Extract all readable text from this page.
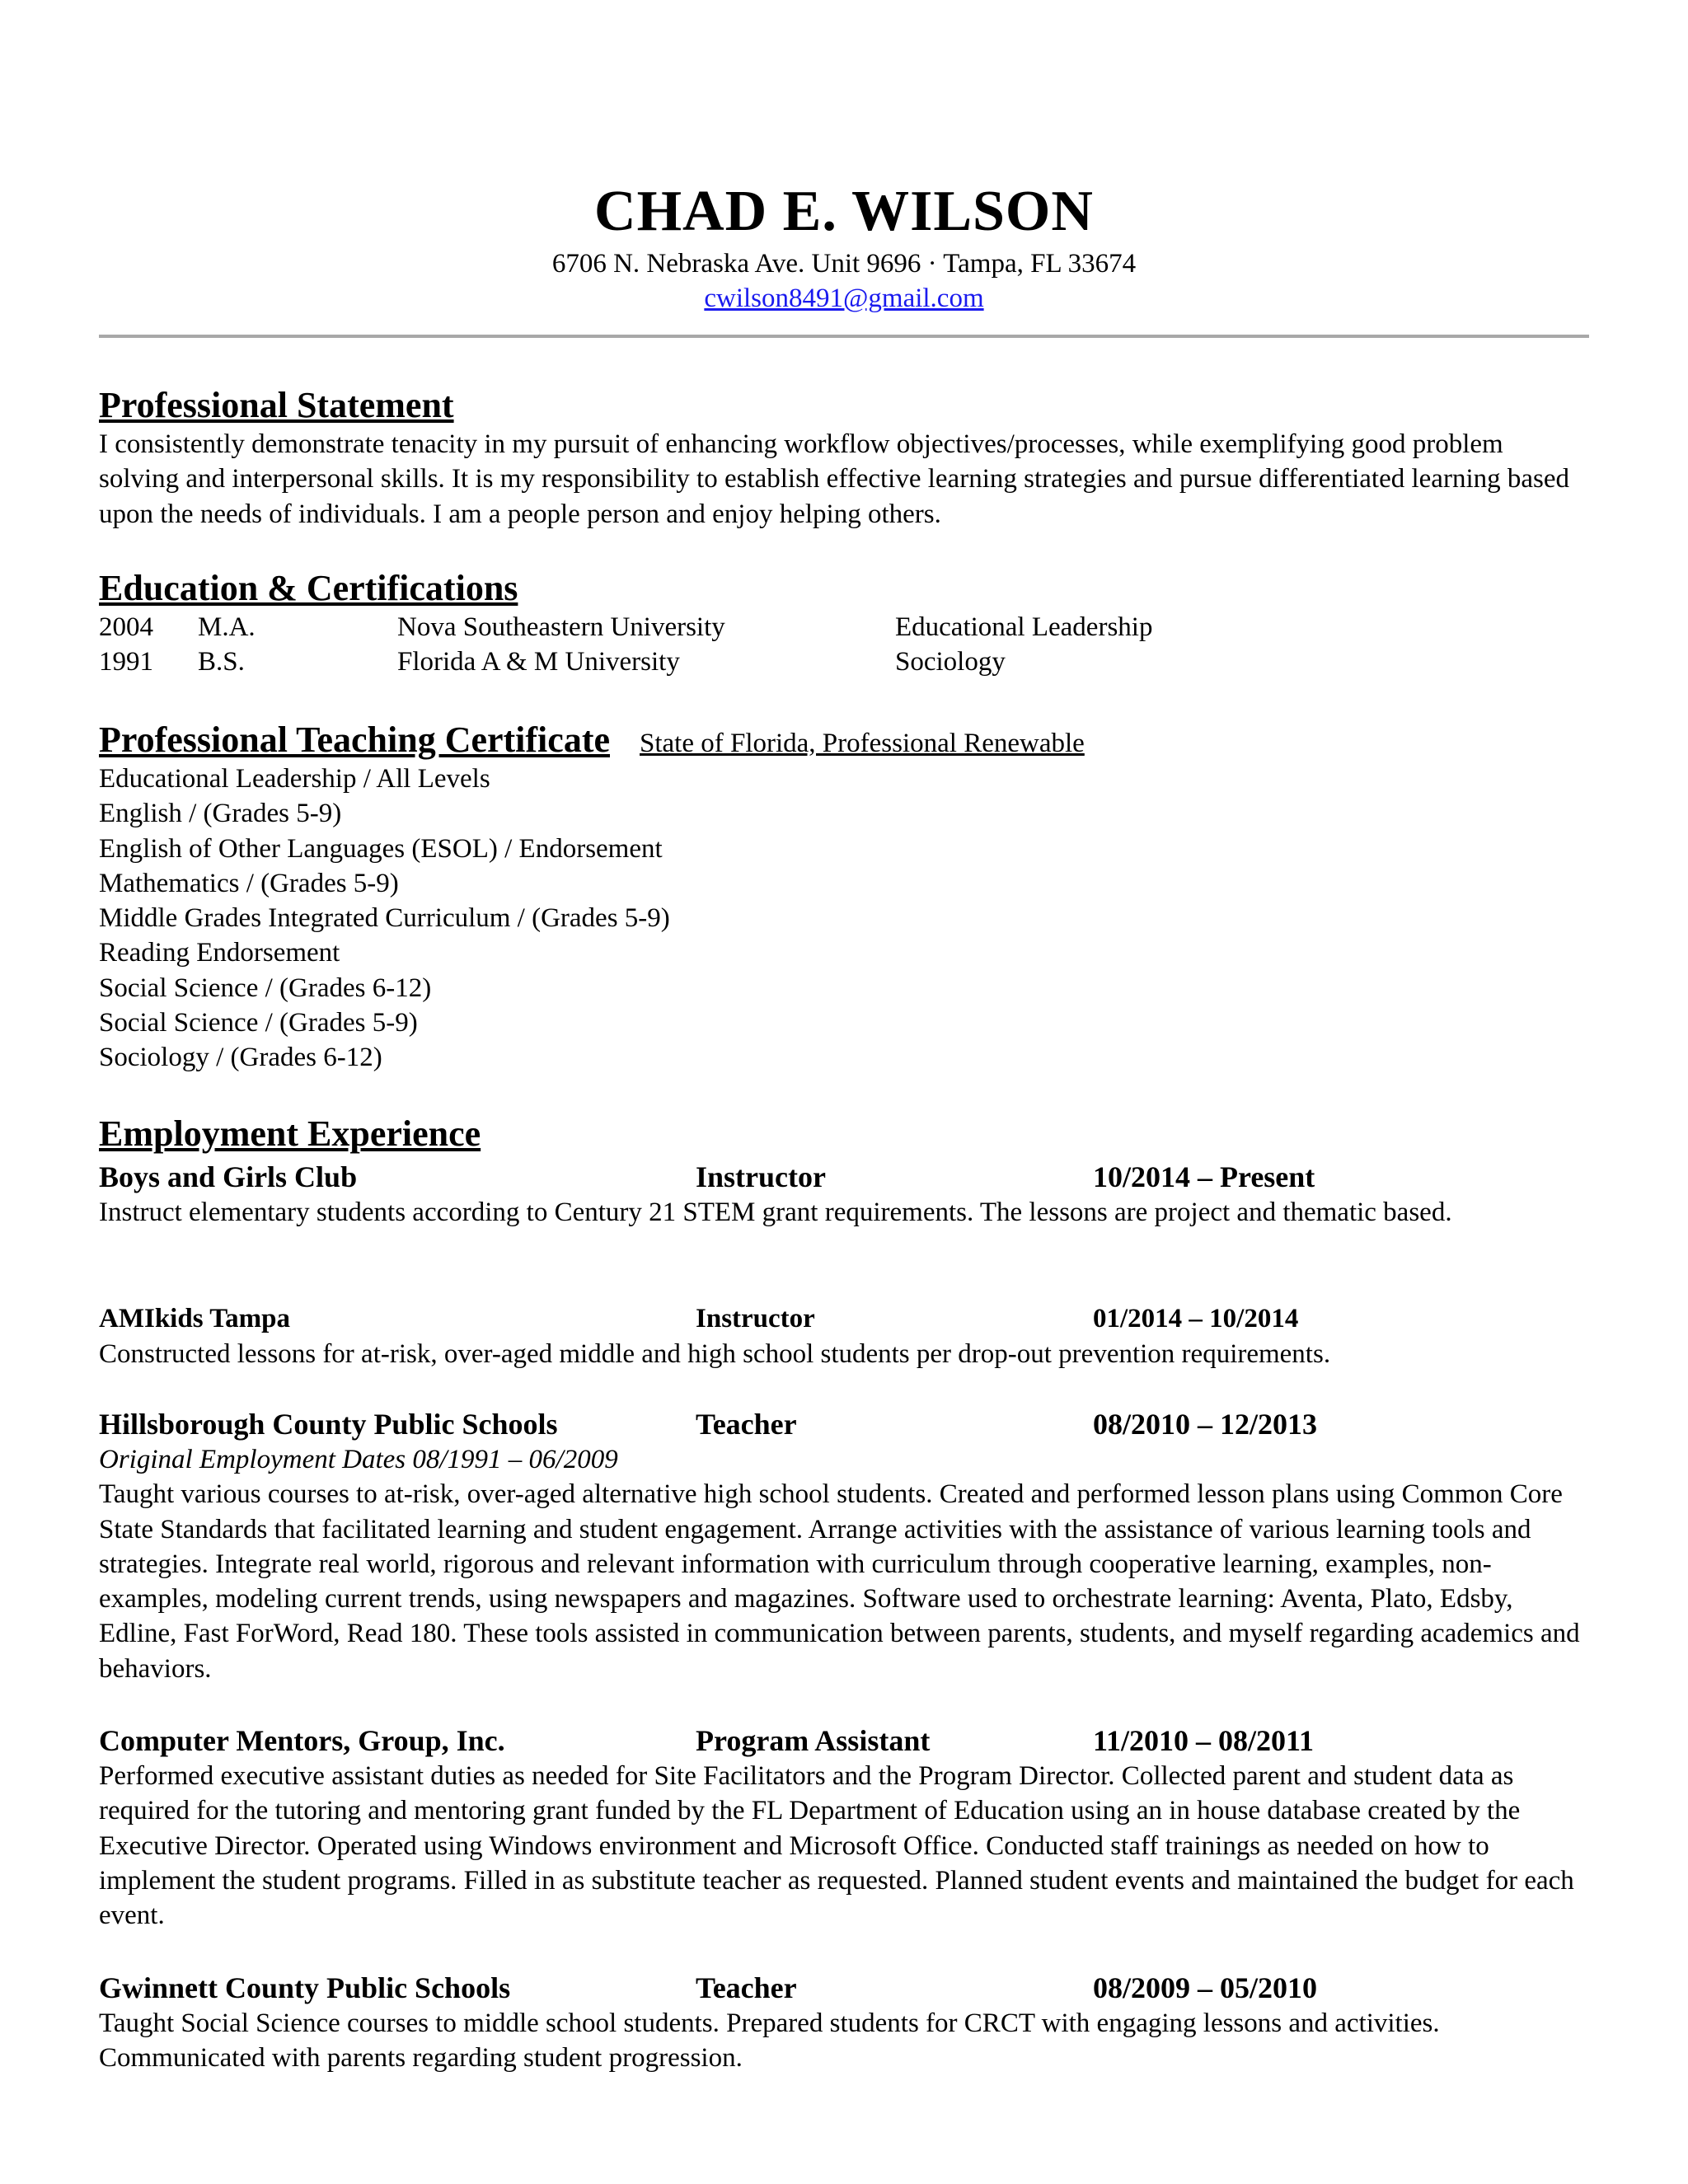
CHAD E. WILSON
6706 N. Nebraska Ave. Unit 9696 · Tampa, FL 33674
cwilson8491@gmail.com
Professional Statement

I consistently demonstrate tenacity in my pursuit of enhancing workflow objectives/processes, while exemplifying good problem solving and interpersonal skills. It is my responsibility to establish effective learning strategies and pursue differentiated learning based upon the needs of individuals. I am a people person and enjoy helping others.

Education & Certifications
2004	M.A.	Nova Southeastern University	Educational Leadership
1991	B.S.	Florida A & M University	Sociology
Professional Teaching Certificate State of Florida, Professional Renewable
Educational Leadership / All Levels
English / (Grades 5-9)
English of Other Languages (ESOL) / Endorsement
Mathematics / (Grades 5-9)
Middle Grades Integrated Curriculum / (Grades 5-9)
Reading Endorsement
Social Science / (Grades 6-12)
Social Science / (Grades 5-9)
Sociology / (Grades 6-12)
Employment Experience
Boys and Girls Club	Instructor	10/2014 – Present

Instruct elementary students according to Century 21 STEM grant requirements. The lessons are project and thematic based.

AMIkids Tampa	Instructor	01/2014 – 10/2014

Constructed lessons for at-risk, over-aged middle and high school students per drop-out prevention requirements.

Hillsborough County Public Schools	Teacher	08/2010 – 12/2013
Original Employment Dates 08/1991 – 06/2009

Taught various courses to at-risk, over-aged alternative high school students. Created and performed lesson plans using Common Core State Standards that facilitated learning and student engagement. Arrange activities with the assistance of various learning tools and strategies. Integrate real world, rigorous and relevant information with curriculum through cooperative learning, examples, non-examples, modeling current trends, using newspapers and magazines. Software used to orchestrate learning: Aventa, Plato, Edsby, Edline, Fast ForWord, Read 180. These tools assisted in communication between parents, students, and myself regarding academics and behaviors.

Computer Mentors, Group, Inc.	Program Assistant	11/2010 – 08/2011

Performed executive assistant duties as needed for Site Facilitators and the Program Director. Collected parent and student data as required for the tutoring and mentoring grant funded by the FL Department of Education using an in house database created by the Executive Director. Operated using Windows environment and Microsoft Office. Conducted staff trainings as needed on how to implement the student programs. Filled in as substitute teacher as requested. Planned student events and maintained the budget for each event.

Gwinnett County Public Schools	Teacher	08/2009 – 05/2010

Taught Social Science courses to middle school students. Prepared students for CRCT with engaging lessons and activities. Communicated with parents regarding student progression.
